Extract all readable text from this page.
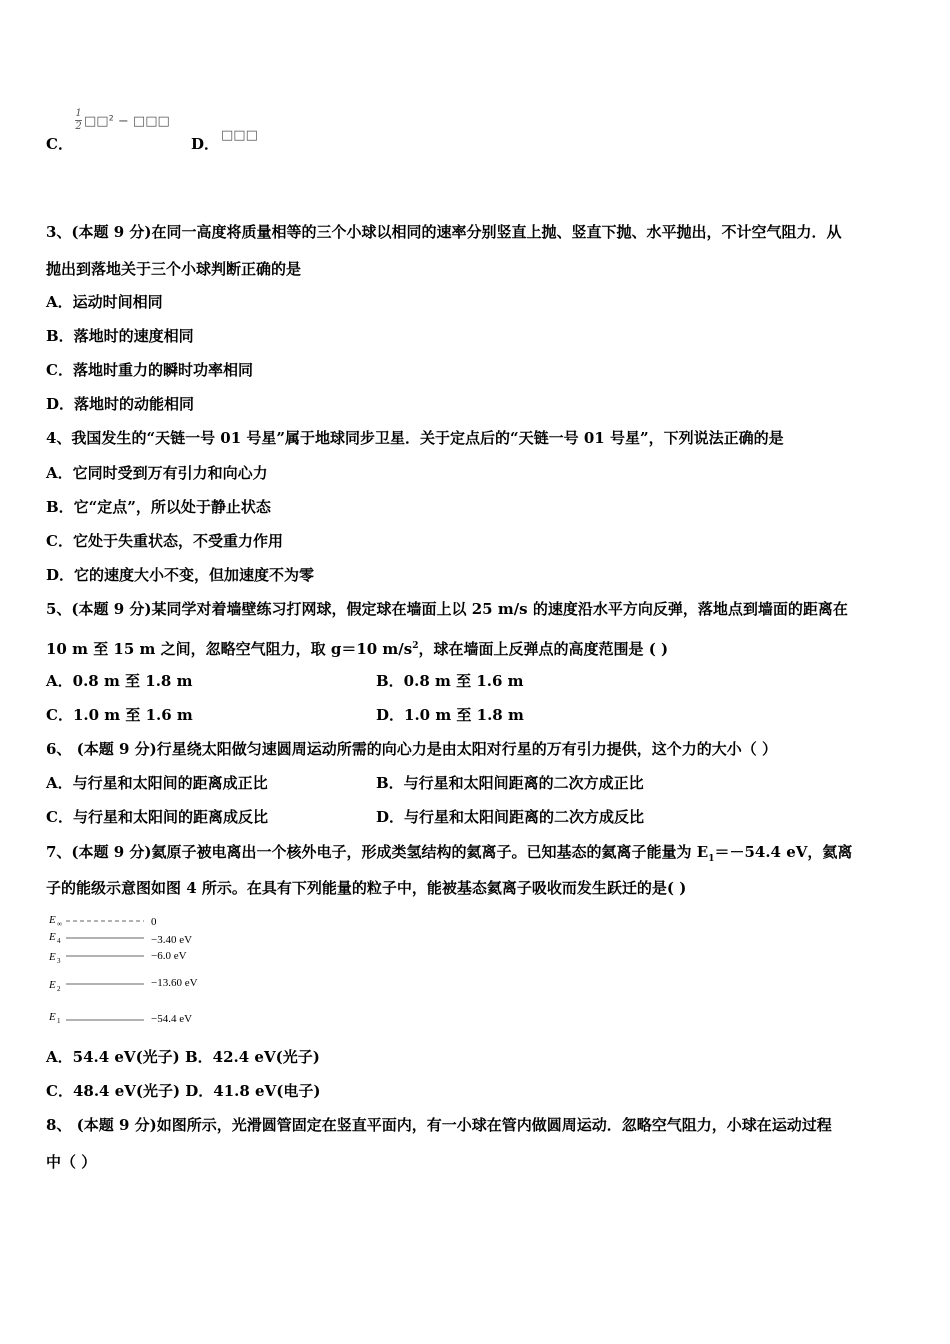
1
2 □□² − □□□
C．	D． □□□
3、(本题 9 分)在同一高度将质量相等的三个小球以相同的速率分别竖直上抛、竖直下抛、水平抛出，不计空气阻力．从
抛出到落地关于三个小球判断正确的是
A．运动时间相同
B．落地时的速度相同
C．落地时重力的瞬时功率相同
D．落地时的动能相同
4、我国发生的“天链一号 01 号星”属于地球同步卫星．关于定点后的“天链一号 01 号星”，下列说法正确的是
A．它同时受到万有引力和向心力
B．它“定点”，所以处于静止状态
C．它处于失重状态，不受重力作用
D．它的速度大小不变，但加速度不为零
5、(本题 9 分)某同学对着墙壁练习打网球，假定球在墙面上以 25 m/s 的速度沿水平方向反弹，落地点到墙面的距离在
10 m 至 15 m 之间，忽略空气阻力，取 g＝10 $m/s^2$，球在墙面上反弹点的高度范围是 ( )
A．0.8 m 至 1.8 m	B．0.8 m 至 1.6 m
C．1.0 m 至 1.6 m	D．1.0 m 至 1.8 m
6、 (本题 9 分)行星绕太阳做匀速圆周运动所需的向心力是由太阳对行星的万有引力提供，这个力的大小（ ）
A．与行星和太阳间的距离成正比	B．与行星和太阳间距离的二次方成正比
C．与行星和太阳间的距离成反比	D．与行星和太阳间距离的二次方成反比
7、(本题 9 分)氦原子被电离出一个核外电子，形成类氢结构的氦离子。已知基态的氦离子能量为 $E_1=-54.4$ eV，氦离
子的能级示意图如图 4 所示。在具有下列能量的粒子中，能被基态氦离子吸收而发生跃迁的是( )
E ∞	0
E 4	−3.40 eV
E 3	−6.0 eV
E 2	−13.60 eV
E 1	−54.4 eV
A．54.4 eV(光子) B．42.4 eV(光子)
C．48.4 eV(光子) D．41.8 eV(电子)
8、 (本题 9 分)如图所示，光滑圆管固定在竖直平面内，有一小球在管内做圆周运动．忽略空气阻力，小球在运动过程
中（ ）
